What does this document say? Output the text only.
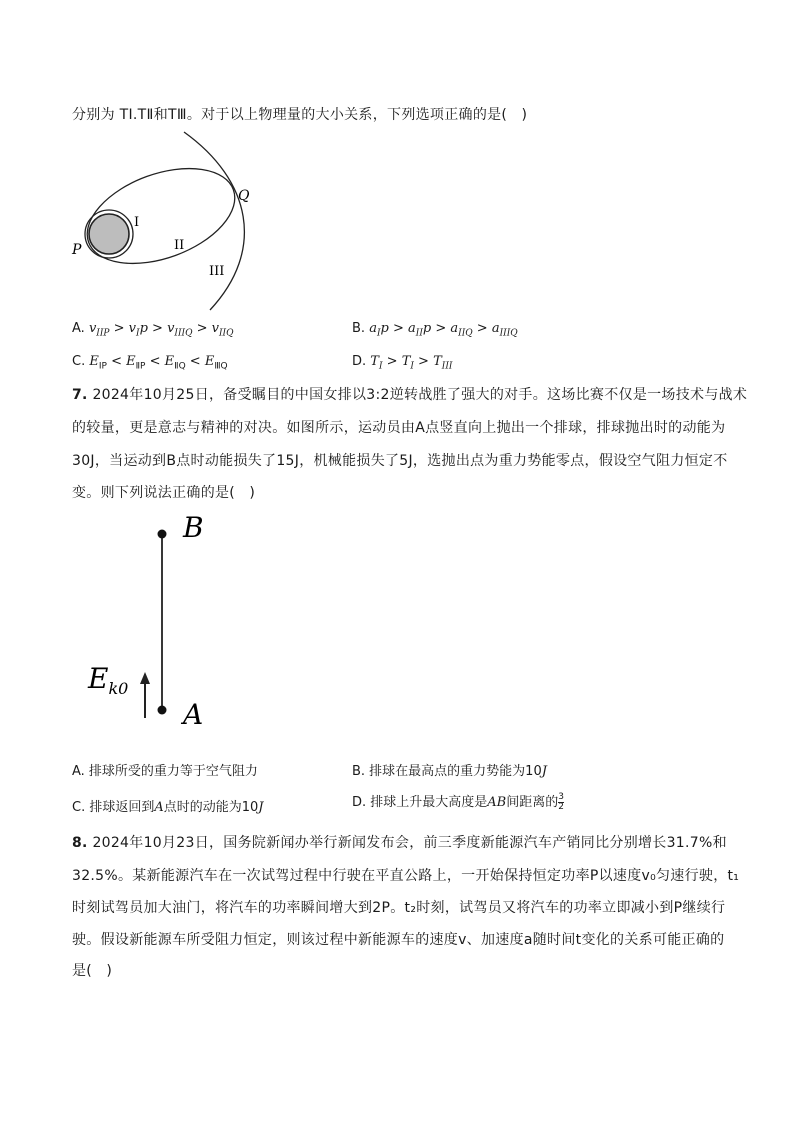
分别为 TⅠ.TⅡ和TⅢ。对于以上物理量的大小关系，下列选项正确的是(　)
Q
P
I
II
III
A. $v_{IIP} > v_Ip > v_{IIIQ} > v_{IIQ}$	B. $a_Ip > a_{II}p > a_{IIQ} > a_{IIIQ}$
C. $E_{ⅠP} < E_{ⅡP} < E_{ⅡQ} < E_{ⅢQ}$	D. $T_I > T_I > T_{III}$
7. 2024年10月25日，备受瞩目的中国女排以3:2逆转战胜了强大的对手。这场比赛不仅是一场技术与战术
的较量，更是意志与精神的对决。如图所示，运动员由A点竖直向上抛出一个排球，排球抛出时的动能为
30J，当运动到B点时动能损失了15J，机械能损失了5J，选抛出点为重力势能零点，假设空气阻力恒定不
变。则下列说法正确的是(　)
B
A
$E_{k0}$
A. 排球所受的重力等于空气阻力	B. 排球在最高点的重力势能为10J
C. 排球返回到A点时的动能为10J	D. 排球上升最大高度是AB间距离的 $\frac{3}{2}$
8. 2024年10月23日，国务院新闻办举行新闻发布会，前三季度新能源汽车产销同比分别增长31.7%和
32.5%。某新能源汽车在一次试驾过程中行驶在平直公路上，一开始保持恒定功率P以速度v₀匀速行驶，t₁
时刻试驾员加大油门，将汽车的功率瞬间增大到2P。t₂时刻，试驾员又将汽车的功率立即减小到P继续行
驶。假设新能源车所受阻力恒定，则该过程中新能源车的速度v、加速度a随时间t变化的关系可能正确的
是(　)
